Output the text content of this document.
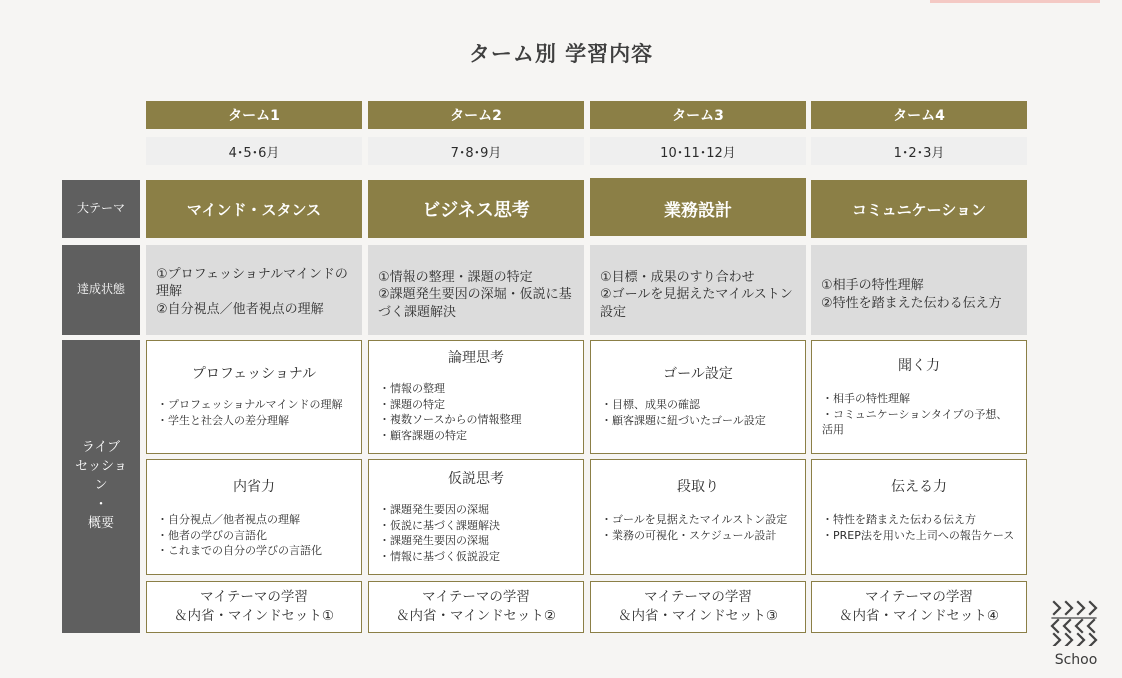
ターム別 学習内容
大テーマ
達成状態
ライブ
セッショ
ン
・
概要
ターム1
4･5･6月
マインド・スタンス
①プロフェッショナルマインドの理解
②自分視点／他者視点の理解
プロフェッショナル
・プロフェッショナルマインドの理解
・学生と社会人の差分理解
内省力
・自分視点／他者視点の理解
・他者の学びの言語化
・これまでの自分の学びの言語化
マイテーマの学習
＆内省・マインドセット①
ターム2
7･8･9月
ビジネス思考
①情報の整理・課題の特定
②課題発生要因の深堀・仮説に基づく課題解決
論理思考
・情報の整理
・課題の特定
・複数ソースからの情報整理
・顧客課題の特定
仮説思考
・課題発生要因の深堀
・仮説に基づく課題解決
・課題発生要因の深堀
・情報に基づく仮説設定
マイテーマの学習
＆内省・マインドセット②
ターム3
10･11･12月
業務設計
①目標・成果のすり合わせ
②ゴールを見据えたマイルストン設定
ゴール設定
・目標、成果の確認
・顧客課題に紐づいたゴール設定
段取り
・ゴールを見据えたマイルストン設定
・業務の可視化・スケジュール設計
マイテーマの学習
＆内省・マインドセット③
ターム4
1･2･3月
コミュニケーション
①相手の特性理解
②特性を踏まえた伝わる伝え方
聞く力
・相手の特性理解
・コミュニケーションタイプの予想、活用
伝える力
・特性を踏まえた伝わる伝え方
・PREP法を用いた上司への報告ケース
マイテーマの学習
＆内省・マインドセット④
Schoo
